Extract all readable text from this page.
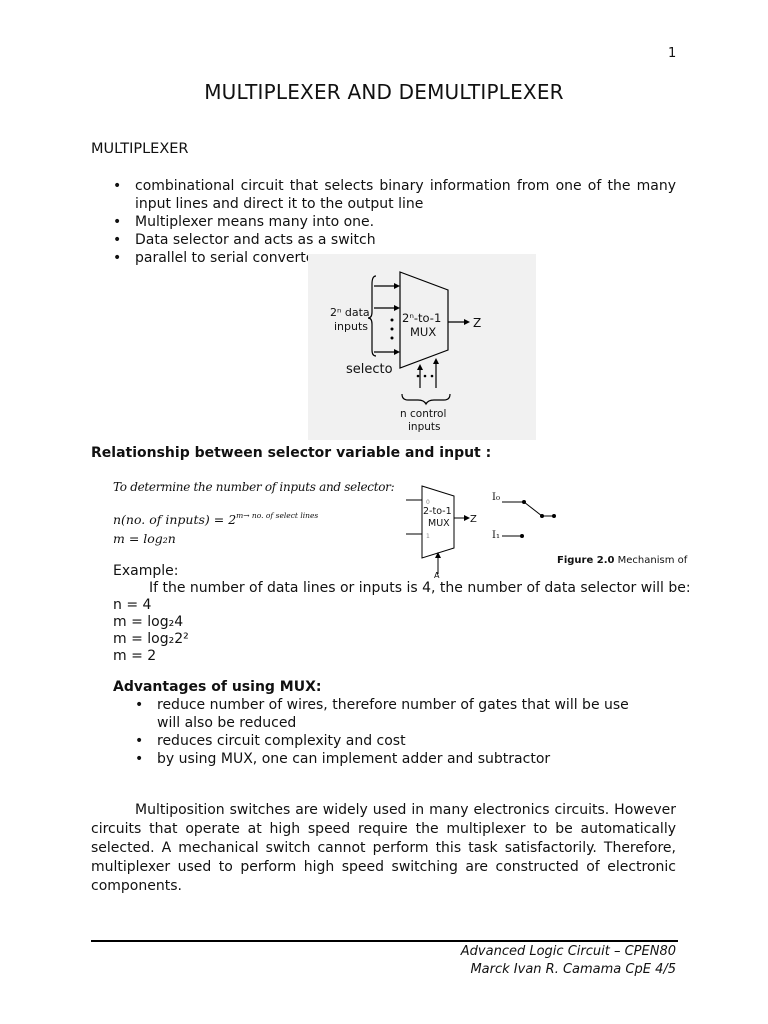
1
MULTIPLEXER AND DEMULTIPLEXER
MULTIPLEXER
• combinational circuit that selects binary information from one of the many input lines and direct it to the output line
• Multiplexer means many into one.
• Data selector and acts as a switch
• parallel to serial converter
2ⁿ data
inputs
2ⁿ-to-1
MUX
Z
selecto
n control
inputs
Relationship between selector variable and input :
To determine the number of inputs and selector:
n(no. of inputs) = $2^{m\to no. of select lines}$
m = log₂n
0
1
2-to-1
MUX Z
A
I₀
I₁
Figure 2.0 Mechanism of
Example:
If the number of data lines or inputs is 4, the number of data selector will be:
n = 4
m = log₂4
m = log₂2²
m = 2
Advantages of using MUX:
• reduce number of wires, therefore number of gates that will be use will also be reduced
• reduces circuit complexity and cost
• by using MUX, one can implement adder and subtractor
Multiposition switches are widely used in many electronics circuits. However circuits that operate at high speed require the multiplexer to be automatically selected. A mechanical switch cannot perform this task satisfactorily. Therefore, multiplexer used to perform high speed switching are constructed of electronic components.
Advanced Logic Circuit – CPEN80
Marck Ivan R. Camama CpE 4/5
